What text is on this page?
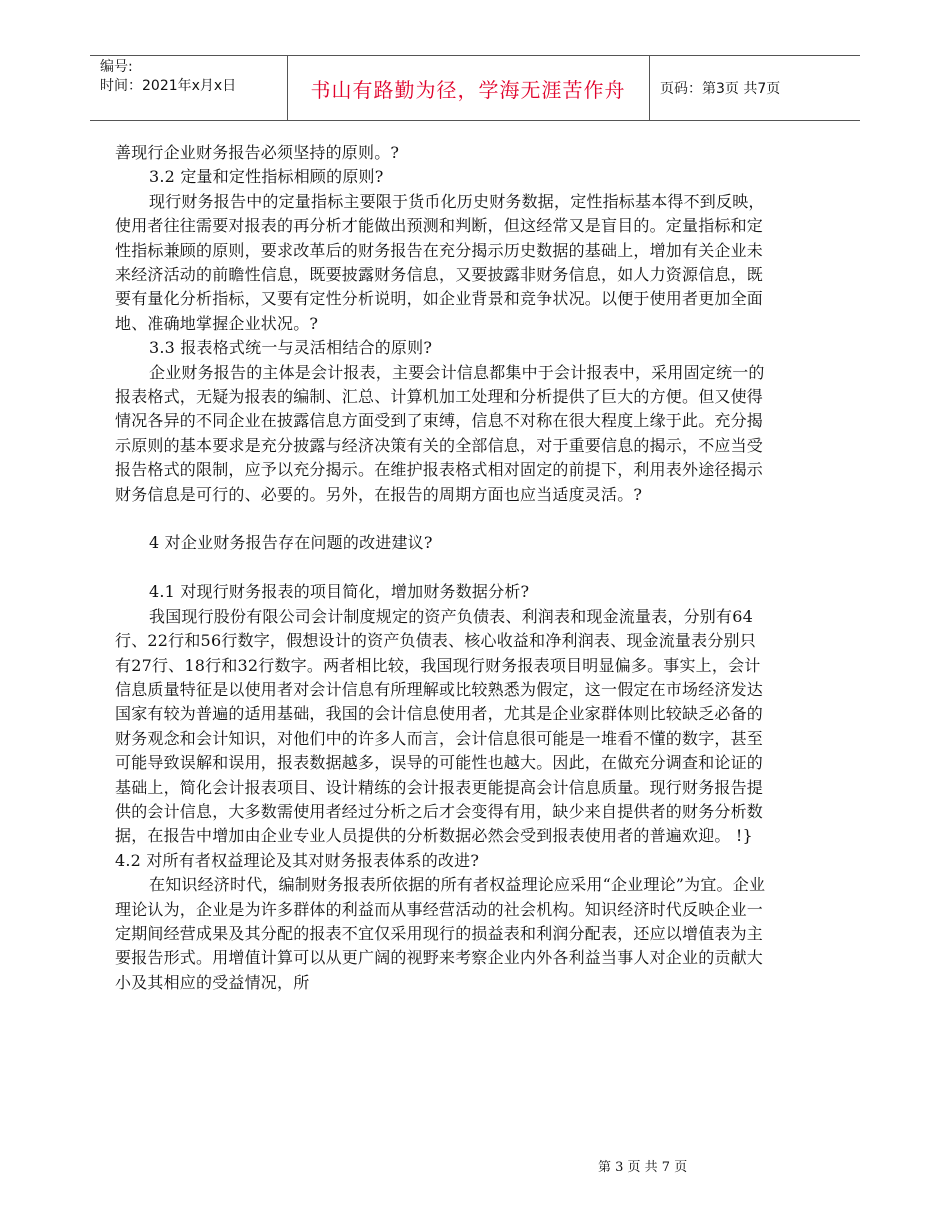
编号:
时间：2021年x月x日	书山有路勤为径，学海无涯苦作舟	页码：第3页 共7页

善现行企业财务报告必须坚持的原则。?

3.2 定量和定性指标相顾的原则?

现行财务报告中的定量指标主要限于货币化历史财务数据，定性指标基本得不到反映，使用者往往需要对报表的再分析才能做出预测和判断，但这经常又是盲目的。定量指标和定性指标兼顾的原则，要求改革后的财务报告在充分揭示历史数据的基础上，增加有关企业未来经济活动的前瞻性信息，既要披露财务信息，又要披露非财务信息，如人力资源信息，既要有量化分析指标，又要有定性分析说明，如企业背景和竞争状况。以便于使用者更加全面地、准确地掌握企业状况。?

3.3 报表格式统一与灵活相结合的原则?

企业财务报告的主体是会计报表，主要会计信息都集中于会计报表中，采用固定统一的报表格式，无疑为报表的编制、汇总、计算机加工处理和分析提供了巨大的方便。但又使得情况各异的不同企业在披露信息方面受到了束缚，信息不对称在很大程度上缘于此。充分揭示原则的基本要求是充分披露与经济决策有关的全部信息，对于重要信息的揭示，不应当受报告格式的限制，应予以充分揭示。在维护报表格式相对固定的前提下，利用表外途径揭示财务信息是可行的、必要的。另外，在报告的周期方面也应当适度灵活。?

4 对企业财务报告存在问题的改进建议?

4.1 对现行财务报表的项目简化，增加财务数据分析?

我国现行股份有限公司会计制度规定的资产负债表、利润表和现金流量表，分别有64行、22行和56行数字，假想设计的资产负债表、核心收益和净利润表、现金流量表分别只有27行、18行和32行数字。两者相比较，我国现行财务报表项目明显偏多。事实上，会计信息质量特征是以使用者对会计信息有所理解或比较熟悉为假定，这一假定在市场经济发达国家有较为普遍的适用基础，我国的会计信息使用者，尤其是企业家群体则比较缺乏必备的财务观念和会计知识，对他们中的许多人而言，会计信息很可能是一堆看不懂的数字，甚至可能导致误解和误用，报表数据越多，误导的可能性也越大。因此，在做充分调查和论证的基础上，简化会计报表项目、设计精练的会计报表更能提高会计信息质量。现行财务报告提供的会计信息，大多数需使用者经过分析之后才会变得有用，缺少来自提供者的财务分析数据，在报告中增加由企业专业人员提供的分析数据必然会受到报表使用者的普遍欢迎。 !} 4.2 对所有者权益理论及其对财务报表体系的改进?

在知识经济时代，编制财务报表所依据的所有者权益理论应采用“企业理论”为宜。企业理论认为，企业是为许多群体的利益而从事经营活动的社会机构。知识经济时代反映企业一定期间经营成果及其分配的报表不宜仅采用现行的损益表和利润分配表，还应以增值表为主要报告形式。用增值计算可以从更广阔的视野来考察企业内外各利益当事人对企业的贡献大小及其相应的受益情况，所

第 3 页 共 7 页
